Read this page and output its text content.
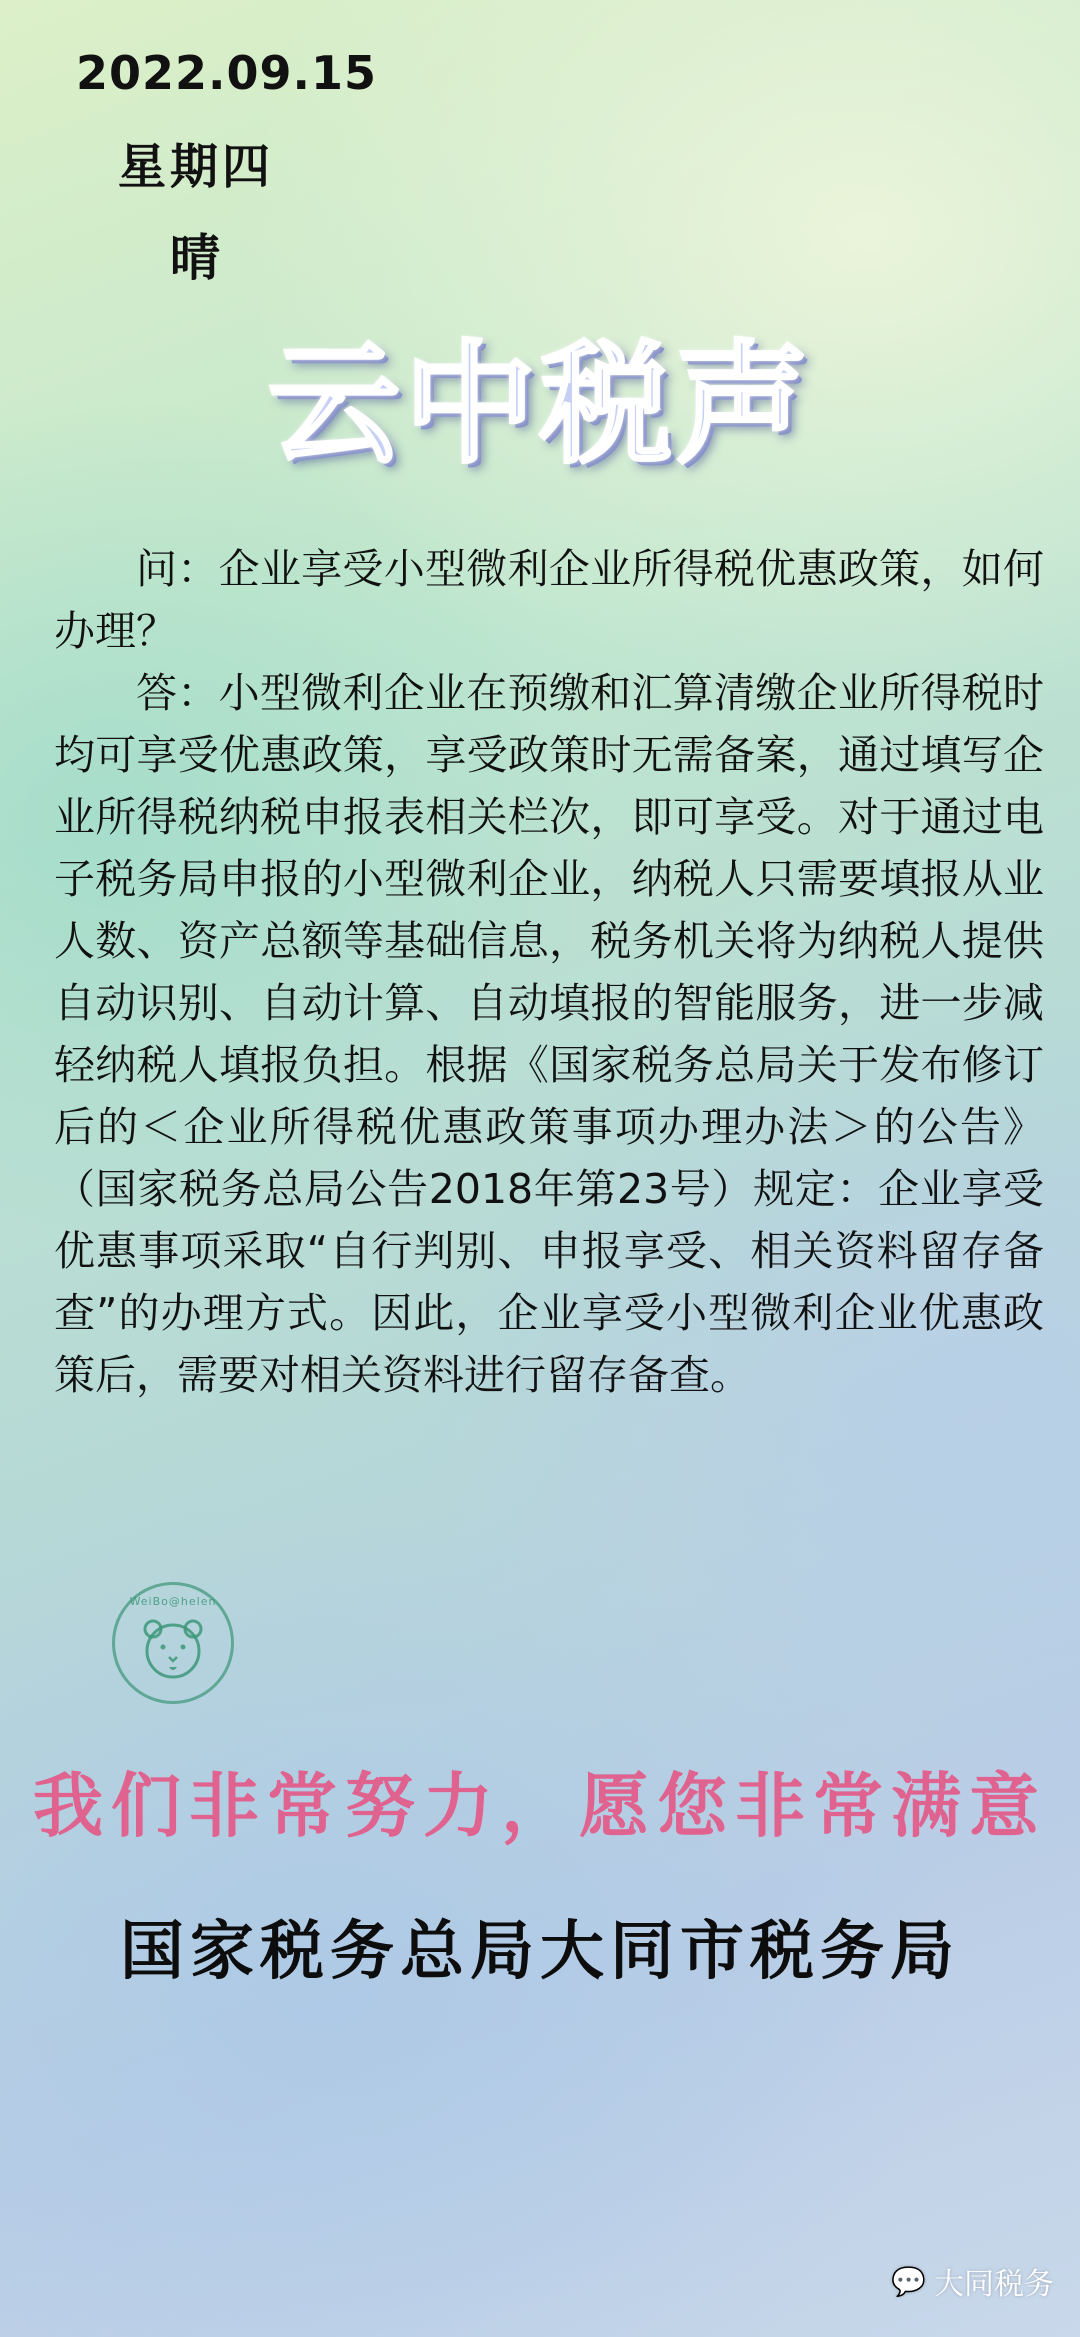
2022.09.15
星期四
晴
云中税声

问：企业享受小型微利企业所得税优惠政策，如何办理？

答：小型微利企业在预缴和汇算清缴企业所得税时均可享受优惠政策，享受政策时无需备案，通过填写企业所得税纳税申报表相关栏次，即可享受。对于通过电子税务局申报的小型微利企业，纳税人只需要填报从业人数、资产总额等基础信息，税务机关将为纳税人提供自动识别、自动计算、自动填报的智能服务，进一步减轻纳税人填报负担。根据《国家税务总局关于发布修订后的＜企业所得税优惠政策事项办理办法＞的公告》（国家税务总局公告2018年第23号）规定：企业享受优惠事项采取“自行判别、申报享受、相关资料留存备查”的办理方式。因此，企业享受小型微利企业优惠政策后，需要对相关资料进行留存备查。

WeiBo@helen
我们非常努力，愿您非常满意
国家税务总局大同市税务局
💬 大同税务
